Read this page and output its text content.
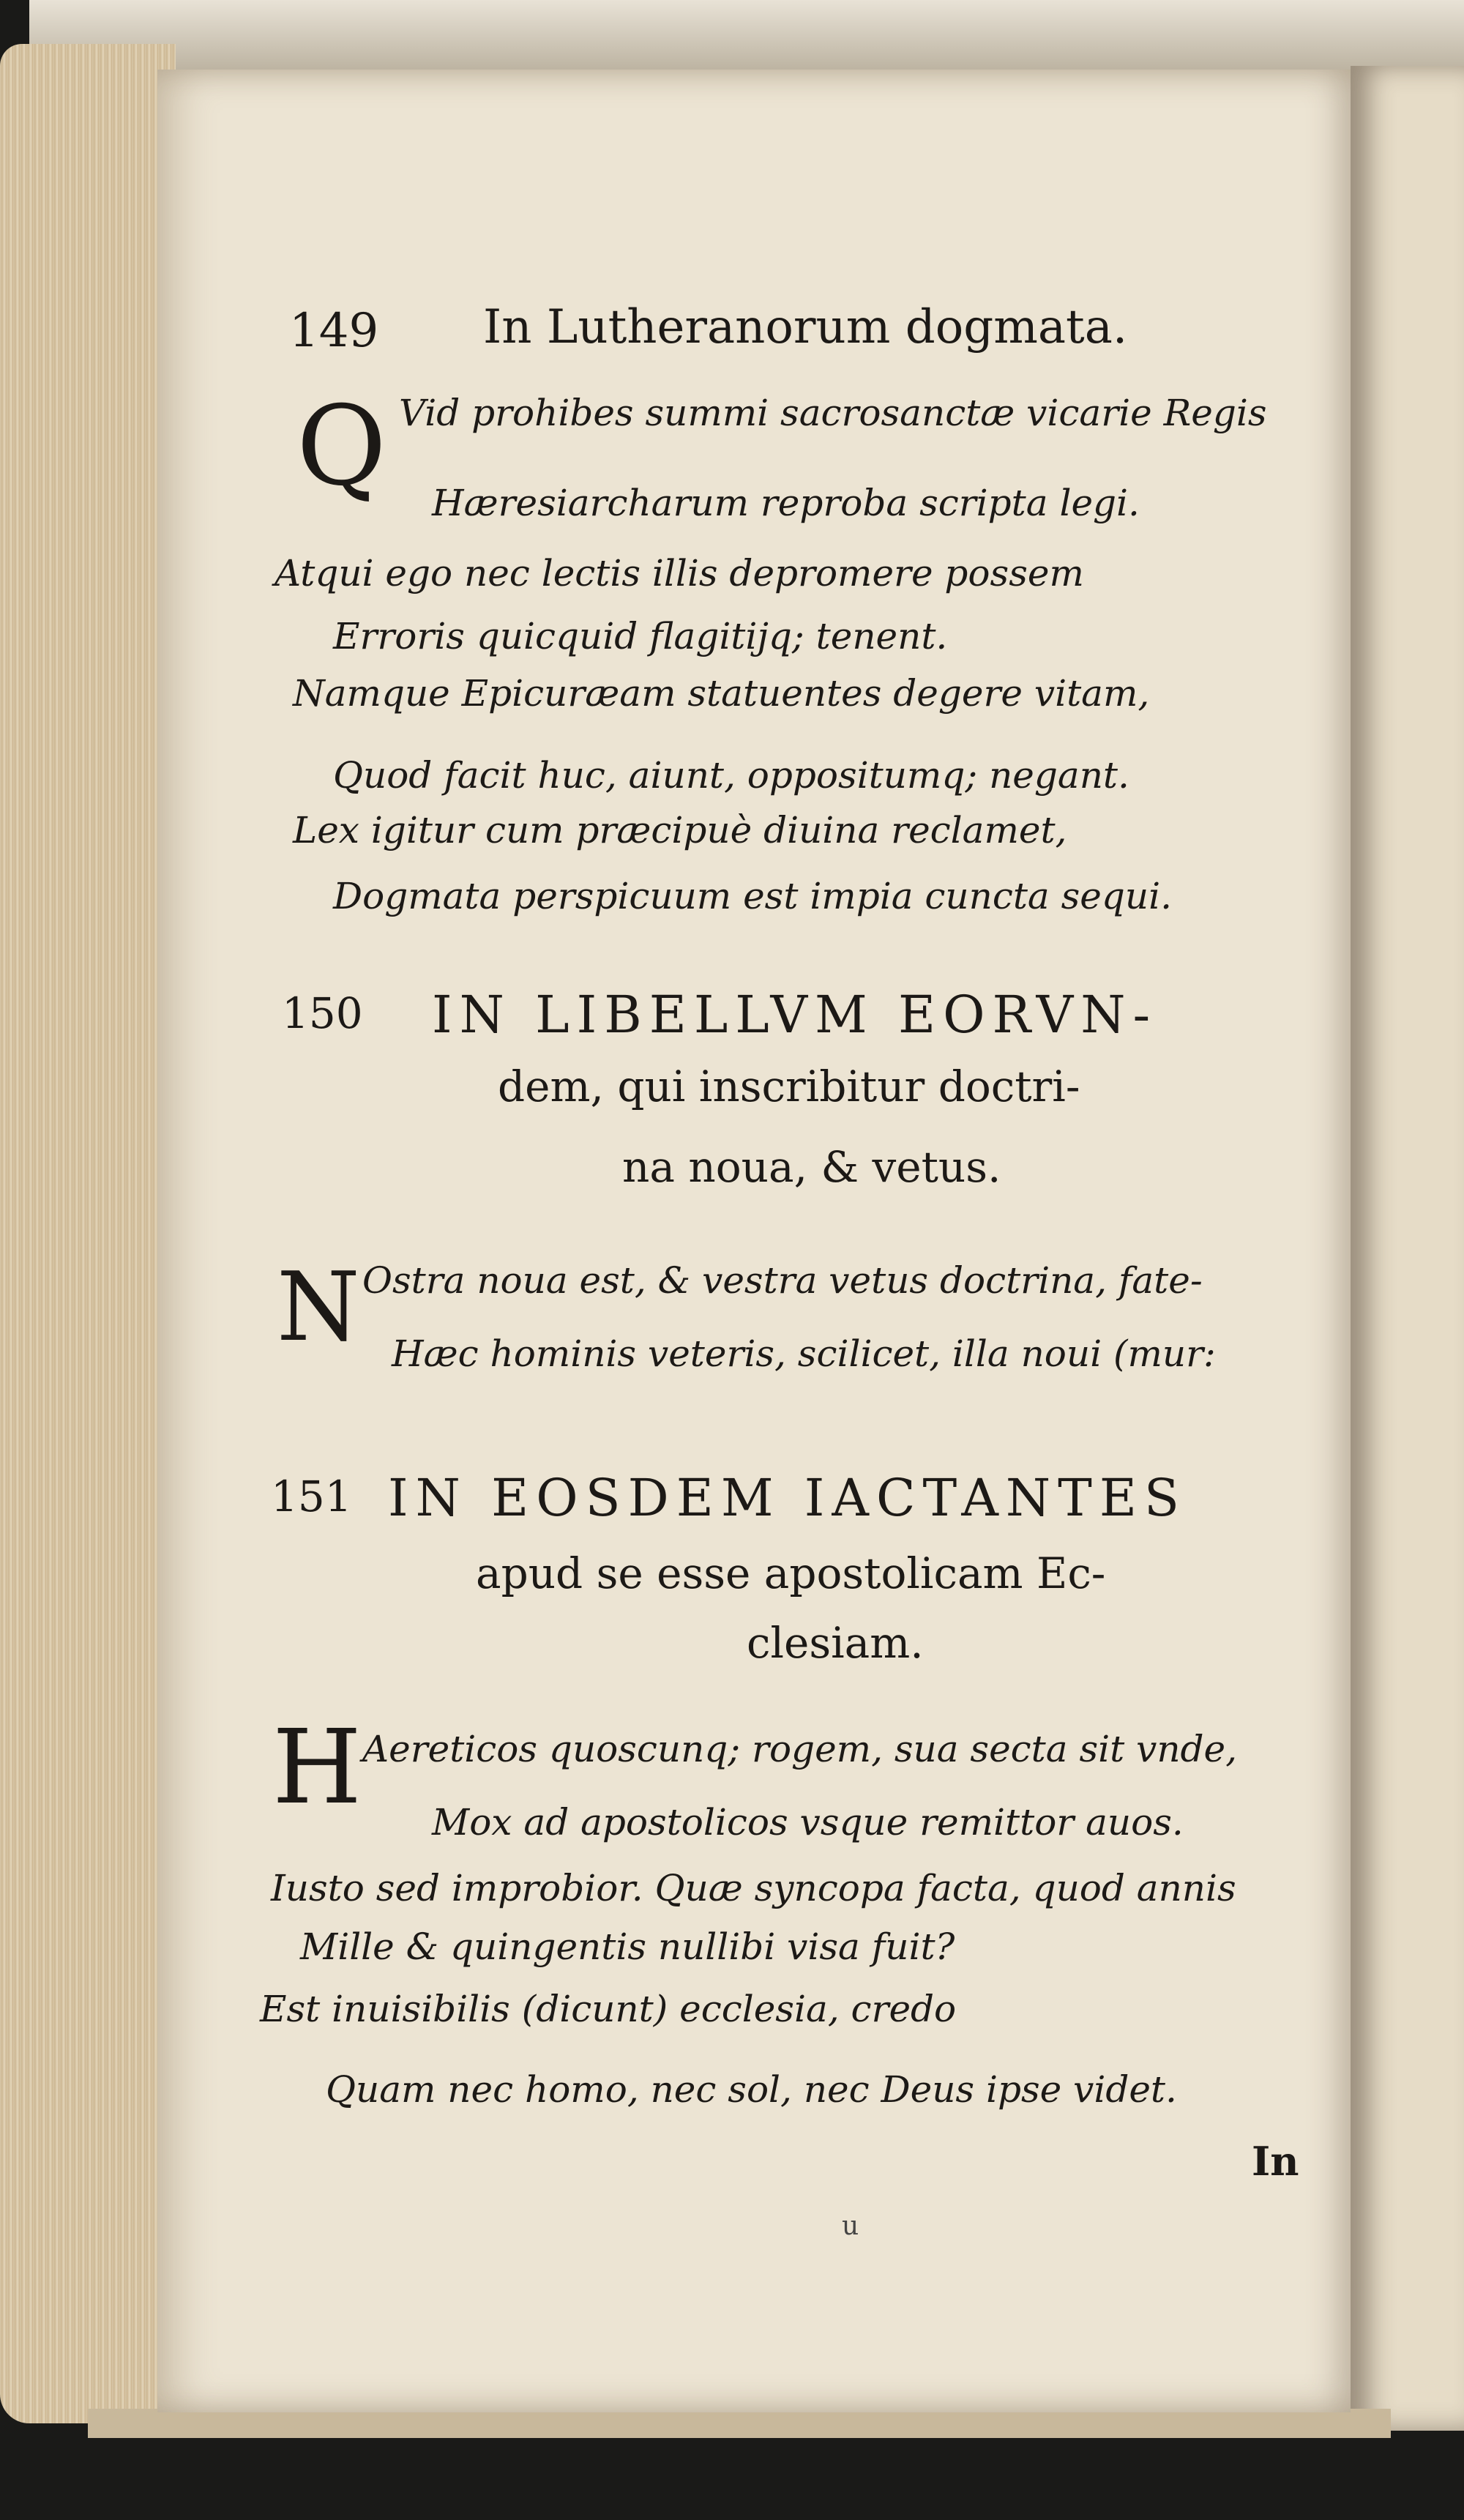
149 In Lutheranorum dogmata.
Q Vid prohibes summi sacrosanctæ vicarie Regis
Hæresiarcharum reproba scripta legi.
Atqui ego nec lectis illis depromere possem
Erroris quicquid flagitijq; tenent.
Namque Epicuræam statuentes degere vitam,
Quod facit huc, aiunt, oppositumq; negant.
Lex igitur cum præcipuè diuina reclamet,
Dogmata perspicuum est impia cuncta sequi.
150 IN LIBELLVM EORVN-
dem, qui inscribitur doctri-
na noua, & vetus.
N Ostra noua est, & vestra vetus doctrina, fate-
Hæc hominis veteris, scilicet, illa noui (mur:
151 IN EOSDEM IACTANTES
apud se esse apostolicam Ec-
clesiam.
H Aereticos quoscunq; rogem, sua secta sit vnde,
Mox ad apostolicos vsque remittor auos.
Iusto sed improbior. Quæ syncopa facta, quod annis
Mille & quingentis nullibi visa fuit?
Est inuisibilis (dicunt) ecclesia, credo
Quam nec homo, nec sol, nec Deus ipse videt.
In
u
